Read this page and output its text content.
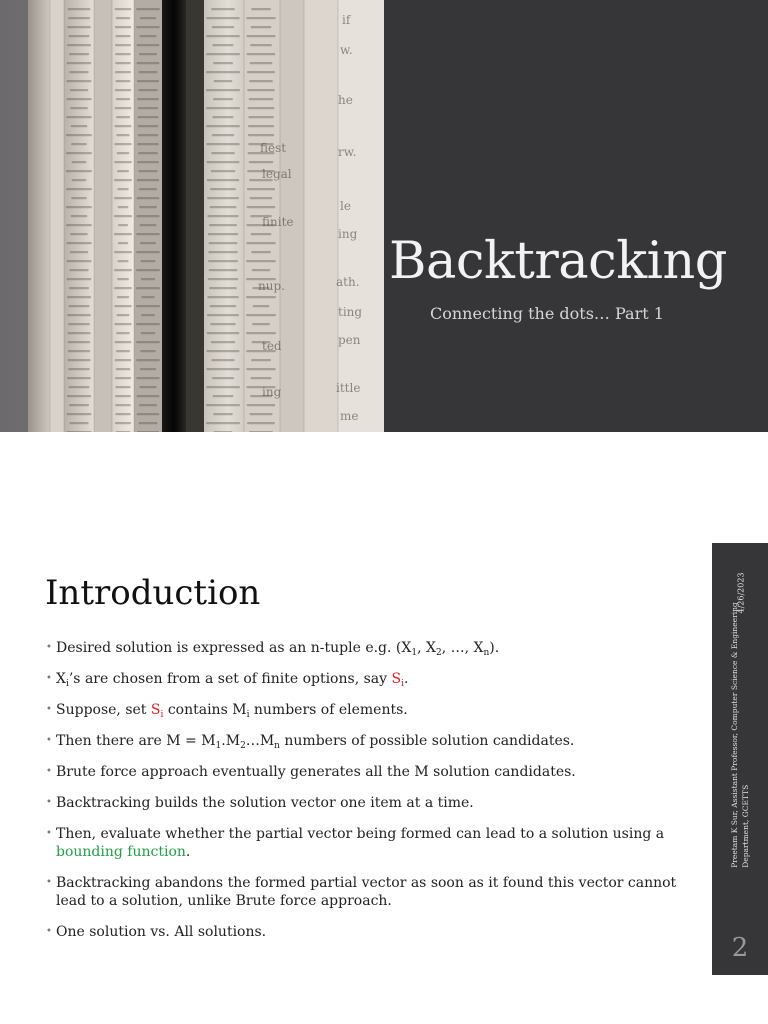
if
w.
he
rw.
fiest
legal
le
finite
ing
ath.
ting
pen
ittle
me
nup.
ted
ing
Backtracking

Connecting the dots… Part 1

Introduction
• Desired solution is expressed as an n-tuple e.g. ($X_1$, $X_2$, …, $X_n$).
• $X_i’s$ are chosen from a set of finite options, say $S_i$.
• Suppose, set $S_i$ contains $M_i$ numbers of elements.
• Then there are $M = M_1.M_2\dots M_n$ numbers of possible solution candidates.
• Brute force approach eventually generates all the M solution candidates.
• Backtracking builds the solution vector one item at a time.
• Then, evaluate whether the partial vector being formed can lead to a solution using a bounding function.
• Backtracking abandons the formed partial vector as soon as it found this vector cannot lead to a solution, unlike Brute force approach.
• One solution vs. All solutions.
4/26/2023
Preetam K Sur, Assistant Professor, Computer Science & Engineering Department, GCETTS
2
